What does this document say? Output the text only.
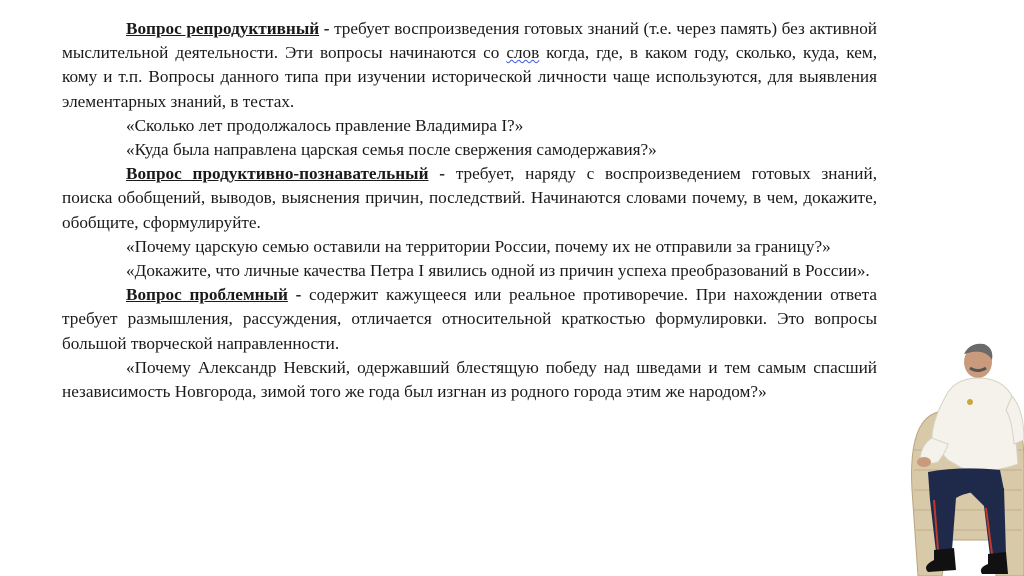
Вопрос репродуктивный - требует воспроизведения готовых знаний (т.е. через память) без активной мыслительной деятельности. Эти вопросы начинаются со слов когда, где, в каком году, сколько, куда, кем, кому и т.п. Вопросы данного типа при изучении исторической личности чаще используются, для выявления элементарных знаний, в тестах.

«Сколько лет продолжалось правление Владимира I?»

«Куда была направлена царская семья после свержения самодержавия?»

Вопрос продуктивно-познавательный - требует, наряду с воспроизведением готовых знаний, поиска обобщений, выводов, выяснения причин, последствий. Начинаются словами почему, в чем, докажите, обобщите, сформулируйте.

«Почему царскую семью оставили на территории России, почему их не отправили за границу?»

«Докажите, что личные качества Петра I явились одной из причин успеха преобразований в России».

Вопрос проблемный - содержит кажущееся или реальное противоречие. При нахождении ответа требует размышления, рассуждения, отличается относительной краткостью формулировки. Это вопросы большой творческой направленности.

«Почему Александр Невский, одержавший блестящую победу над шведами и тем самым спасший независимость Новгорода, зимой того же года был изгнан из родного города этим же народом?»
